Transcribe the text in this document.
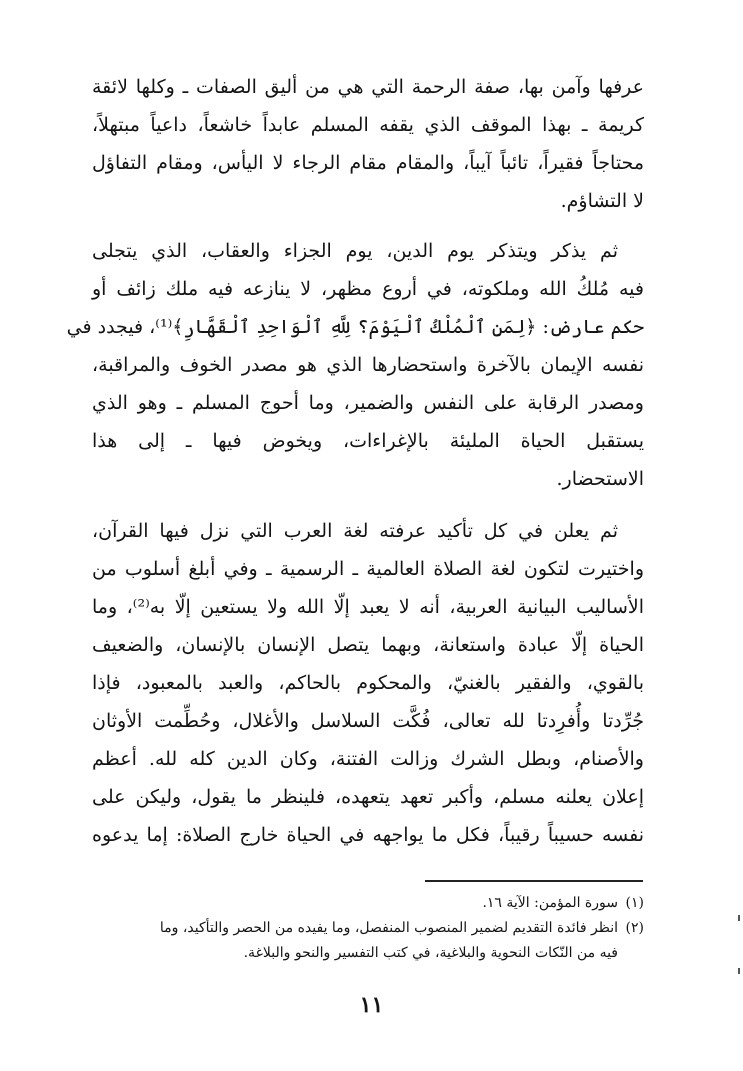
عرفها وآمن بها، صفة الرحمة التي هي من أليق الصفات ـ وكلها لائقة
كريمة ـ بهذا الموقف الذي يقفه المسلم عابداً خاشعاً، داعياً مبتهلاً،
محتاجاً فقيراً، تائباً آيباً، والمقام مقام الرجاء لا اليأس، ومقام التفاؤل
لا التشاؤم.
ثم يذكر ويتذكر يوم الدين، يوم الجزاء والعقاب، الذي يتجلى
فيه مُلكُ الله وملكوته، في أروع مظهر، لا ينازعه فيه ملك زائف أو
حكم عارض: ﴿لِمَنِ ٱلْمُلْكُ ٱلْيَوْمَ؟ لِلَّهِ ٱلْوَاحِدِ ٱلْقَهَّارِ﴾⁽¹⁾، فيجدد في
نفسه الإيمان بالآخرة واستحضارها الذي هو مصدر الخوف والمراقبة،
ومصدر الرقابة على النفس والضمير، وما أحوج المسلم ـ وهو الذي
يستقبل الحياة المليئة بالإغراءات، ويخوض فيها ـ إلى هذا
الاستحضار.
ثم يعلن في كل تأكيد عرفته لغة العرب التي نزل فيها القرآن،
واختيرت لتكون لغة الصلاة العالمية ـ الرسمية ـ وفي أبلغ أسلوب من
الأساليب البيانية العربية، أنه لا يعبد إلّا الله ولا يستعين إلّا به⁽²⁾، وما
الحياة إلّا عبادة واستعانة، وبهما يتصل الإنسان بالإنسان، والضعيف
بالقوي، والفقير بالغنيّ، والمحكوم بالحاكم، والعبد بالمعبود، فإذا
جُرِّدتا وأُفرِدتا لله تعالى، فُكَّت السلاسل والأغلال، وحُطِّمت الأوثان
والأصنام، وبطل الشرك وزالت الفتنة، وكان الدين كله لله. أعظم
إعلان يعلنه مسلم، وأكبر تعهد يتعهده، فلينظر ما يقول، وليكن على
نفسه حسيباً رقيباً، فكل ما يواجهه في الحياة خارج الصلاة: إما يدعوه
(١)سورة المؤمن: الآية ١٦.
(٢)انظر فائدة التقديم لضمير المنصوب المنفصل، وما يفيده من الحصر والتأكيد، وما
فيه من النّكات النحوية والبلاغية، في كتب التفسير والنحو والبلاغة.
١١
